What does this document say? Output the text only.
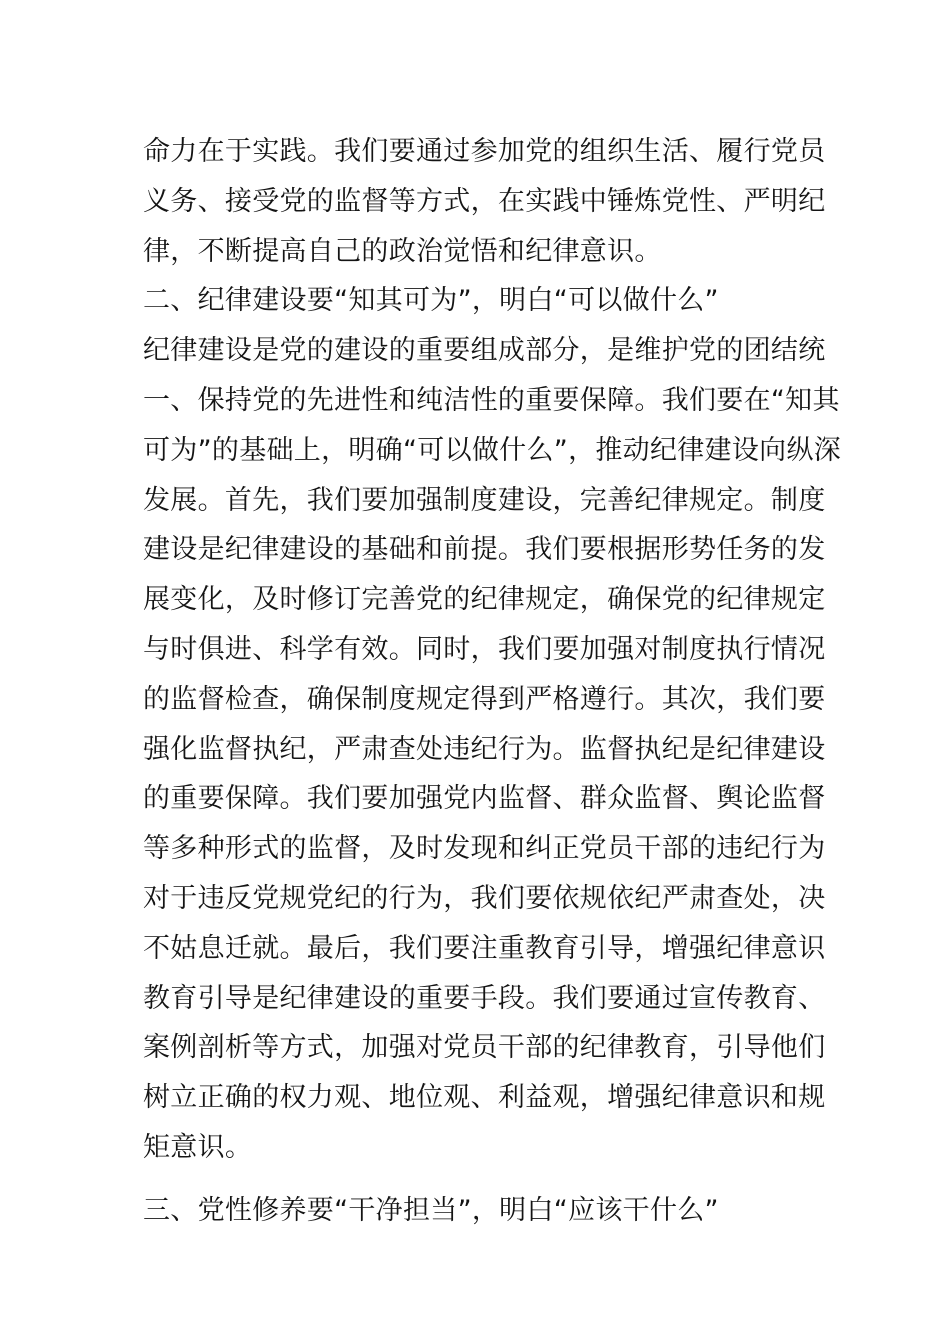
命力在于实践。我们要通过参加党的组织生活、履行党员
义务、接受党的监督等方式，在实践中锤炼党性、严明纪
律，不断提高自己的政治觉悟和纪律意识。
二、纪律建设要“知其可为”，明白“可以做什么”
纪律建设是党的建设的重要组成部分，是维护党的团结统
一、保持党的先进性和纯洁性的重要保障。我们要在“知其
可为”的基础上，明确“可以做什么”，推动纪律建设向纵深
发展。首先，我们要加强制度建设，完善纪律规定。制度
建设是纪律建设的基础和前提。我们要根据形势任务的发
展变化，及时修订完善党的纪律规定，确保党的纪律规定
与时俱进、科学有效。同时，我们要加强对制度执行情况
的监督检查，确保制度规定得到严格遵行。其次，我们要
强化监督执纪，严肃查处违纪行为。监督执纪是纪律建设
的重要保障。我们要加强党内监督、群众监督、舆论监督
等多种形式的监督，及时发现和纠正党员干部的违纪行为
对于违反党规党纪的行为，我们要依规依纪严肃查处，决
不姑息迁就。最后，我们要注重教育引导，增强纪律意识
教育引导是纪律建设的重要手段。我们要通过宣传教育、
案例剖析等方式，加强对党员干部的纪律教育，引导他们
树立正确的权力观、地位观、利益观，增强纪律意识和规
矩意识。
三、党性修养要“干净担当”，明白“应该干什么”
